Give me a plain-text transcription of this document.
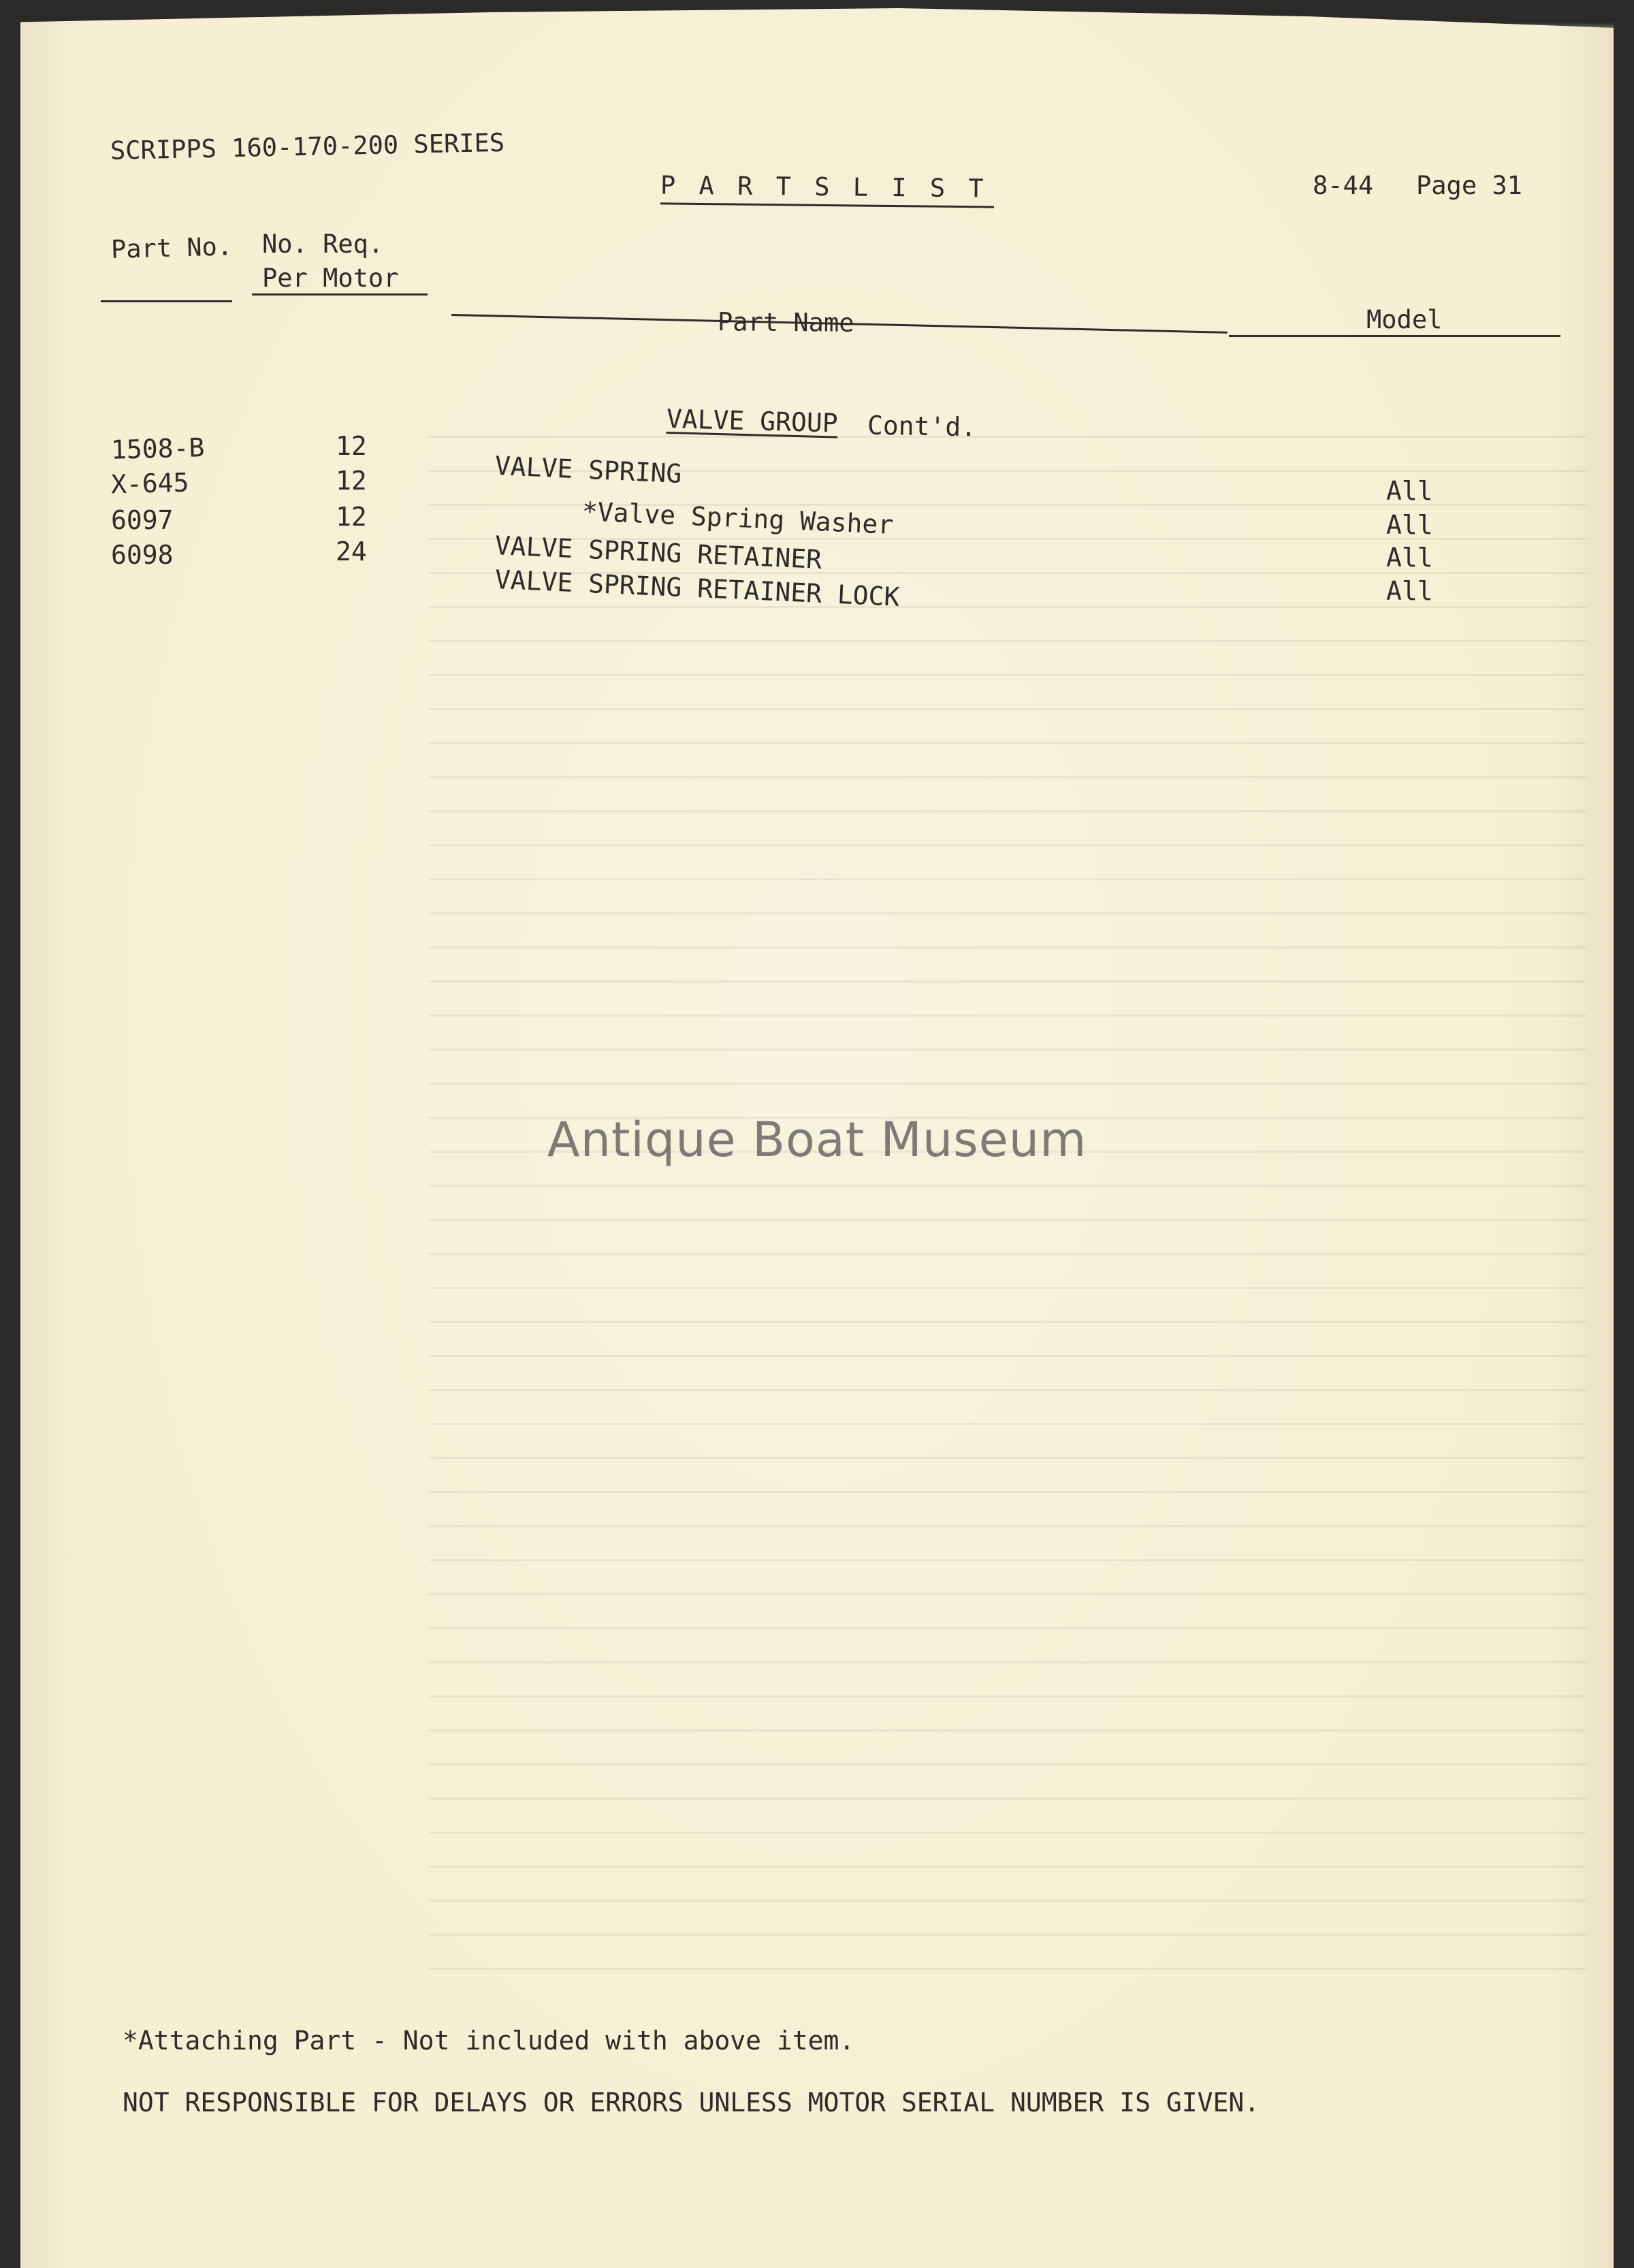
SCRIPPS 160-170-200 SERIES
P A R T S L I S T	8-44 Page 31
Part No. No. Req.
Per Motor
Part Name	Model
VALVE GROUP Cont'd.
1508-B
X-645
6097
6098
12
12
12
24
VALVE SPRING
*Valve Spring Washer
VALVE SPRING RETAINER
VALVE SPRING RETAINER LOCK
All
All
All
All
Antique Boat Museum
*Attaching Part - Not included with above item.
NOT RESPONSIBLE FOR DELAYS OR ERRORS UNLESS MOTOR SERIAL NUMBER IS GIVEN.
